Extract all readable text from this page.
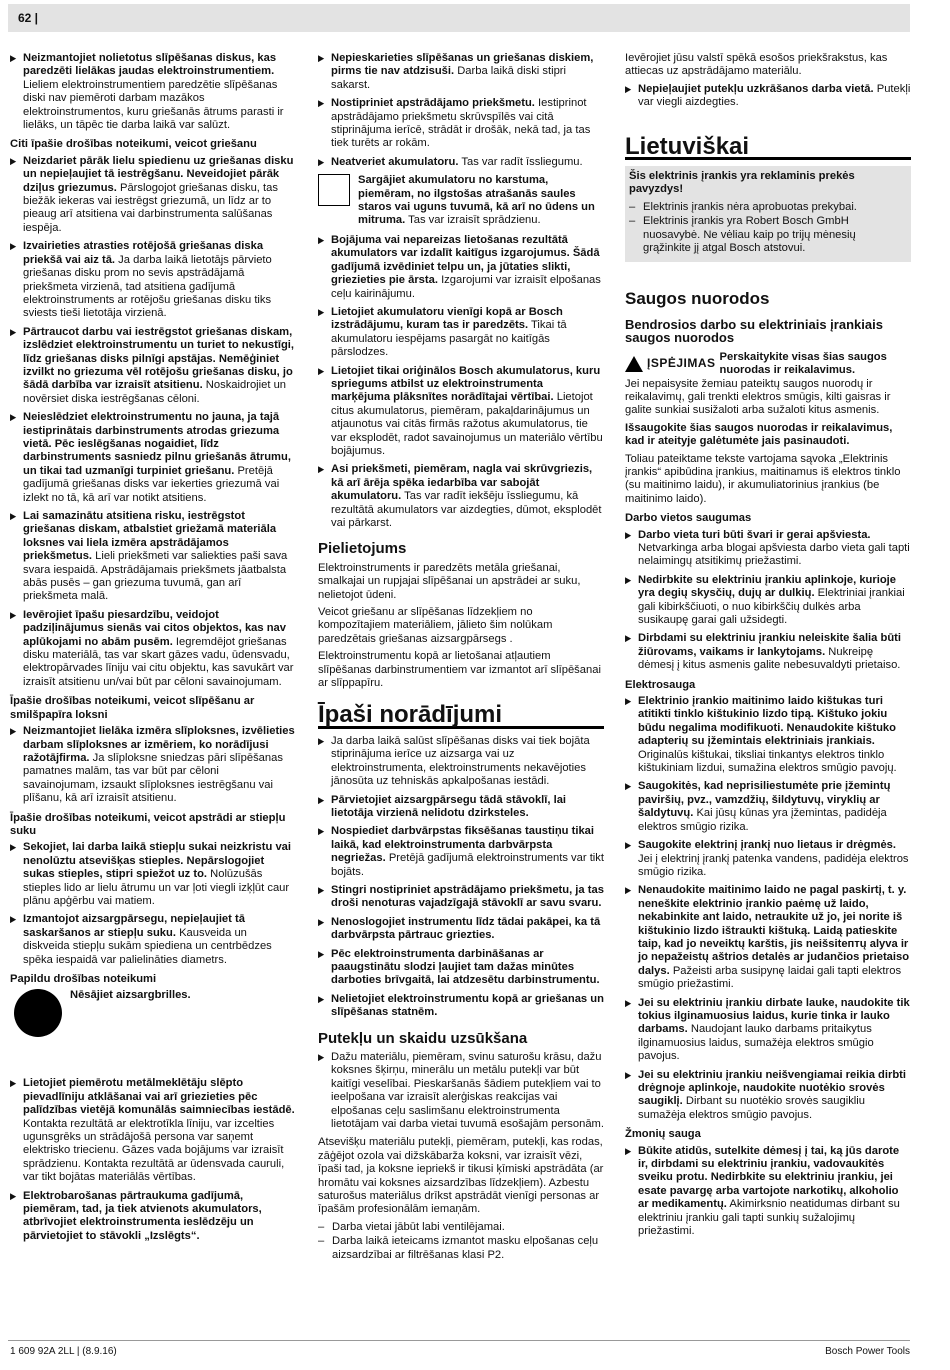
62 |

▶ Neizmantojiet nolietotus slīpēšanas diskus, kas paredzēti lielākas jaudas elektroinstrumentiem. Lieliem elektroinstrumentiem paredzētie slīpēšanas diski nav piemēroti darbam mazākos elektroinstrumentos, kuru griešanās ātrums parasti ir lielāks, un tāpēc tie darba laikā var salūzt.

Citi īpašie drošības noteikumi, veicot griešanu

▶ Neizdariet pārāk lielu spiedienu uz griešanas disku un nepieļaujiet tā iestrēgšanu. Neveidojiet pārāk dziļus griezumus. Pārslogojot griešanas disku, tas biežāk iekeras vai iestrēgst griezumā, un līdz ar to pieaug arī atsitiena vai darbinstrumenta salūšanas iespēja.

▶ Izvairieties atrasties rotējošā griešanas diska priekšā vai aiz tā. Ja darba laikā lietotājs pārvieto griešanas disku prom no sevis apstrādājamā priekšmeta virzienā, tad atsitiena gadījumā elektroinstruments ar rotējošu griešanas disku tiks sviests tieši lietotāja virzienā.

▶ Pārtraucot darbu vai iestrēgstot griešanas diskam, izslēdziet elektroinstrumentu un turiet to nekustīgi, līdz griešanas disks pilnīgi apstājas. Nemēģiniet izvilkt no griezuma vēl rotējošu griešanas disku, jo šādā darbība var izraisīt atsitienu. Noskaidrojiet un novērsiet diska iestrēgšanas cēloni.

▶ Neieslēdziet elektroinstrumentu no jauna, ja tajā iestiprinātais darbinstruments atrodas griezuma vietā. Pēc ieslēgšanas nogaidiet, līdz darbinstruments sasniedz pilnu griešanās ātrumu, un tikai tad uzmanīgi turpiniet griešanu. Pretējā gadījumā griešanas disks var iekerties griezumā vai izlekt no tā, kā arī var notikt atsitiens.

▶ Lai samazinātu atsitiena risku, iestrēgstot griešanas diskam, atbalstiet griežamā materiāla loksnes vai liela izmēra apstrādājamos priekšmetus. Lieli priekšmeti var saliekties paši sava svara iespaidā. Apstrādājamais priekšmets jāatbalsta abās pusēs – gan griezuma tuvumā, gan arī priekšmeta malā.

▶ Ievērojiet īpašu piesardzību, veidojot padziļinājumus sienās vai citos objektos, kas nav aplūkojami no abām pusēm. Iegremdējot griešanas disku materiālā, tas var skart gāzes vadu, ūdensvadu, elektropārvades līniju vai citu objektu, kas savukārt var izraisīt atsitienu un/vai būt par cēloni savainojumam.

Īpašie drošības noteikumi, veicot slīpēšanu ar smilšpapīra loksni

▶ Neizmantojiet lielāka izmēra slīploksnes, izvēlieties darbam slīploksnes ar izmēriem, ko norādījusi ražotājfirma. Ja slīploksne sniedzas pāri slīpēšanas pamatnes malām, tas var būt par cēloni savainojumam, izsaukt slīploksnes iestrēgšanu vai plīšanu, kā arī izraisīt atsitienu.

Īpašie drošības noteikumi, veicot apstrādi ar stiepļu suku

▶ Sekojiet, lai darba laikā stiepļu sukai neizkristu vai nenolūztu atsevišķas stieples. Nepārslogojiet sukas stieples, stipri spiežot uz to. Nolūzušās stieples lido ar lielu ātrumu un var ļoti viegli izķļūt caur plānu apģērbu vai matiem.

▶ Izmantojot aizsargpārsegu, nepieļaujiet tā saskaršanos ar stiepļu suku. Kausveida un diskveida stiepļu sukām spiediena un centrbēdzes spēka iespaidā var palielināties diametrs.

Papildu drošības noteikumi

Nēsājiet aizsargbrilles.

▶ Lietojiet piemērotu metālmeklētāju slēpto pievadlīniju atklāšanai vai arī griezieties pēc palīdzības vietējā komunālās saimniecības iestādē. Kontakta rezultātā ar elektrotīkla līniju, var izcelties ugunsgrēks un strādājošā persona var saņemt elektrisko triecienu. Gāzes vada bojājums var izraisīt sprādzienu. Kontakta rezultātā ar ūdensvada cauruli, var tikt bojātas materiālās vērtības.

▶ Elektrobarošanas pārtraukuma gadījumā, piemēram, tad, ja tiek atvienots akumulators, atbrīvojiet elektroinstrumenta ieslēdzēju un pārvietojiet to stāvokli „Izslēgts“.

▶ Nepieskarieties slīpēšanas un griešanas diskiem, pirms tie nav atdzisuši. Darba laikā diski stipri sakarst.

▶ Nostipriniet apstrādājamo priekšmetu. Iestiprinot apstrādājamo priekšmetu skrūvspīlēs vai citā stiprinājuma ierīcē, strādāt ir drošāk, nekā tad, ja tas tiek turēts ar rokām.

▶ Neatveriet akumulatoru. Tas var radīt īssliegumu.

Sargājiet akumulatoru no karstuma, piemēram, no ilgstošas atrašanās saules staros vai uguns tuvumā, kā arī no ūdens un mitruma. Tas var izraisīt sprādzienu.

▶ Bojājuma vai nepareizas lietošanas rezultātā akumulators var izdalīt kaitīgus izgarojumus. Šādā gadījumā izvēdiniet telpu un, ja jūtaties slikti, griezieties pie ārsta. Izgarojumi var izraisīt elpošanas ceļu kairinājumu.

▶ Lietojiet akumulatoru vienīgi kopā ar Bosch izstrādājumu, kuram tas ir paredzēts. Tikai tā akumulatoru iespējams pasargāt no kaitīgās pārslodzes.

▶ Lietojiet tikai oriģinālos Bosch akumulatorus, kuru spriegums atbilst uz elektroinstrumenta marķējuma plāksnītes norādītajai vērtībai. Lietojot citus akumulatorus, piemēram, pakaļdarinājumus un atjaunotus vai citās firmās ražotus akumulatorus, tie var eksplodēt, radot savainojumus un materiālo vērtību bojājumus.

▶ Asi priekšmeti, piemēram, nagla vai skrūvgriezis, kā arī ārēja spēka iedarbība var sabojāt akumulatoru. Tas var radīt iekšēju īssliegumu, kā rezultātā akumulators var aizdegties, dūmot, eksplodēt vai pārkarst.

Pielietojums

Elektroinstruments ir paredzēts metāla griešanai, smalkajai un rupjajai slīpēšanai un apstrādei ar suku, nelietojot ūdeni.

Veicot griešanu ar slīpēšanas līdzekļiem no kompozītajiem materiāliem, jālieto šim nolūkam paredzētais griešanas aizsargpārsegs .

Elektroinstrumentu kopā ar lietošanai atļautiem slīpēšanas darbinstrumentiem var izmantot arī slīpēšanai ar slīppapīru.

Īpaši norādījumi

▶ Ja darba laikā salūst slīpēšanas disks vai tiek bojāta stiprinājuma ierīce uz aizsarga vai uz elektroinstrumenta, elektroinstruments nekavējoties jānosūta uz tehniskās apkalpošanas iestādi.

▶ Pārvietojiet aizsargpārsegu tādā stāvoklī, lai lietotāja virzienā nelidotu dzirksteles.

▶ Nospiediet darbvārpstas fiksēšanas taustiņu tikai laikā, kad elektroinstrumenta darbvārpsta negriežas. Pretējā gadījumā elektroinstruments var tikt bojāts.

▶ Stingri nostipriniet apstrādājamo priekšmetu, ja tas droši nenoturas vajadzīgajā stāvoklī ar savu svaru.

▶ Nenoslogojiet instrumentu līdz tādai pakāpei, ka tā darbvārpsta pārtrauc griezties.

▶ Pēc elektroinstrumenta darbināšanas ar paaugstinātu slodzi ļaujiet tam dažas minūtes darboties brīvgaitā, lai atdzesētu darbinstrumentu.

▶ Nelietojiet elektroinstrumentu kopā ar griešanas un slīpēšanas statnēm.

Putekļu un skaidu uzsūkšana

▶ Dažu materiālu, piemēram, svinu saturošu krāsu, dažu koksnes šķirņu, minerālu un metālu putekļi var būt kaitīgi veselībai. Pieskaršanās šādiem putekļiem vai to ieelpošana var izraisīt alerģiskas reakcijas vai elpošanas ceļu saslimšanu elektroinstrumenta lietotājam vai darba vietai tuvumā esošajām personām.

Atsevišķu materiālu putekļi, piemēram, putekļi, kas rodas, zāģējot ozola vai dižskābarža koksni, var izraisīt vēzi, īpaši tad, ja koksne iepriekš ir tikusi ķīmiski apstrādāta (ar hromātu vai koksnes aizsardzības līdzekļiem). Azbestu saturošus materiālus drīkst apstrādāt vienīgi personas ar īpašām profesionālām iemaņām.

– Darba vietai jābūt labi ventilējamai.

– Darba laikā ieteicams izmantot masku elpošanas ceļu aizsardzībai ar filtrēšanas klasi P2.

Ievērojiet jūsu valstī spēkā esošos priekšrakstus, kas attiecas uz apstrādājamo materiālu.

▶ Nepieļaujiet putekļu uzkrāšanos darba vietā. Putekļi var viegli aizdegties.

Lietuviškai

Šis elektrinis įrankis yra reklaminis prekės pavyzdys!

– Elektrinis įrankis nėra aprobuotas prekybai.

– Elektrinis įrankis yra Robert Bosch GmbH nuosavybė. Ne vėliau kaip po trijų mėnesių grąžinkite jį atgal Bosch atstovui.

Saugos nuorodos
Bendrosios darbo su elektriniais įrankiais saugos nuorodos
ĮSPĖJIMAS Perskaitykite visas šias saugos nuorodas ir reikalavimus.

Jei nepaisysite žemiau pateiktų saugos nuorodų ir reikalavimų, gali trenkti elektros smūgis, kilti gaisras ir galite sunkiai susižaloti arba sužaloti kitus asmenis.

Išsaugokite šias saugos nuorodas ir reikalavimus, kad ir ateityje galėtumėte jais pasinaudoti.

Toliau pateiktame tekste vartojama sąvoka „Elektrinis įrankis“ apibūdina įrankius, maitinamus iš elektros tinklo (su maitinimo laidu), ir akumuliatorinius įrankius (be maitinimo laido).

Darbo vietos saugumas

▶ Darbo vieta turi būti švari ir gerai apšviesta. Netvarkinga arba blogai apšviesta darbo vieta gali tapti nelaimingų atsitikimų priežastimi.

▶ Nedirbkite su elektriniu įrankiu aplinkoje, kurioje yra degių skysčių, dujų ar dulkių. Elektriniai įrankiai gali kibirkščiuoti, o nuo kibirkščių dulkės arba susikaupę garai gali užsidegti.

▶ Dirbdami su elektriniu įrankiu neleiskite šalia būti žiūrovams, vaikams ir lankytojams. Nukreipę dėmesį į kitus asmenis galite nebesuvaldyti prietaiso.

Elektrosauga

▶ Elektrinio įrankio maitinimo laido kištukas turi atitikti tinklo kištukinio lizdo tipą. Kištuko jokiu būdu negalima modifikuoti. Nenaudokite kištuko adapterių su įžemintais elektriniais įrankiais. Originalūs kištukai, tiksliai tinkantys elektros tinklo kištukiniam lizdui, sumažina elektros smūgio pavojų.

▶ Saugokitės, kad neprisiliestumėte prie įžemintų paviršių, pvz., vamzdžių, šildytuvų, viryklių ar šaldytuvų. Kai jūsų kūnas yra įžemintas, padidėja elektros smūgio rizika.

▶ Saugokite elektrinį įrankį nuo lietaus ir drėgmės. Jei į elektrinį įrankį patenka vandens, padidėja elektros smūgio rizika.

▶ Nenaudokite maitinimo laido ne pagal paskirtį, t. y. neneškite elektrinio įrankio paėmę už laido, nekabinkite ant laido, netraukite už jo, jei norite iš kištukinio lizdo ištraukti kištuką. Laidą patieskite taip, kad jo neveiktų karštis, jis neišsitептų alyva ir jo nepažeistų aštrios detalės ar judančios prietaiso dalys. Pažeisti arba susipynę laidai gali tapti elektros smūgio priežastimi.

▶ Jei su elektriniu įrankiu dirbate lauke, naudokite tik tokius ilginamuosius laidus, kurie tinka ir lauko darbams. Naudojant lauko darbams pritaikytus ilginamuosius laidus, sumažėja elektros smūgio pavojus.

▶ Jei su elektriniu įrankiu neišvengiamai reikia dirbti drėgnoje aplinkoje, naudokite nuotėkio srovės saugiklį. Dirbant su nuotėkio srovės saugikliu sumažėja elektros smūgio pavojus.

Žmonių sauga

▶ Būkite atidūs, sutelkite dėmesį į tai, ką jūs darote ir, dirbdami su elektriniu įrankiu, vadovaukitės sveiku protu. Nedirbkite su elektriniu įrankiu, jei esate pavargę arba vartojote narkotikų, alkoholio ar medikamentų. Akimirksnio neatidumas dirbant su elektriniu įrankiu gali tapti sunkių sužalojimų priežastimi.

1 609 92A 2LL | (8.9.16)	Bosch Power Tools
